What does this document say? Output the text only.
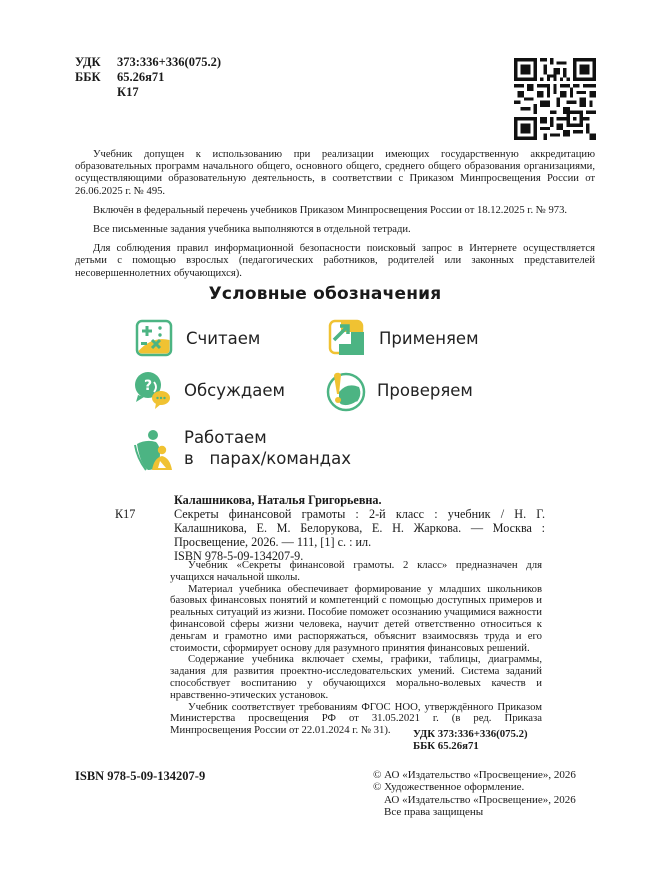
УДК	373:336+336(075.2)
ББК	65.26я71
К17

Учебник допущен к использованию при реализации имеющих государственную аккредитацию образовательных программ начального общего, основного общего, среднего общего образования организациями, осуществляющими образовательную деятельность, в соответствии с Приказом Минпросвещения России от 26.06.2025 г. № 495.

Включён в федеральный перечень учебников Приказом Минпросвещения России от 18.12.2025 г. № 973.

Все письменные задания учебника выполняются в отдельной тетради.

Для соблюдения правил информационной безопасности поисковый запрос в Интернете осуществляется детьми с помощью взрослых (педагогических работников, родителей или законных представителей несовершеннолетних обучающихся).

Условные обозначения
Считаем	Применяем
? Обсуждаем	Проверяем
Работаем
в   парах/командах
Калашникова, Наталья Григорьевна.
К17	Секреты финансовой грамоты : 2-й класс : учебник / Н. Г. Калашникова, Е. М. Белорукова, Е. Н. Жаркова. — Москва : Просвещение, 2026. — 111, [1] с. : ил.
ISBN 978-5-09-134207-9.

Учебник «Секреты финансовой грамоты. 2 класс» предназначен для учащихся начальной школы.

Материал учебника обеспечивает формирование у младших школьников базовых финансовых понятий и компетенций с помощью доступных примеров и реальных ситуаций из жизни. Пособие поможет осознанию учащимися важности финансовой сферы жизни человека, научит детей ответственно относиться к деньгам и грамотно ими распоряжаться, объяснит взаимосвязь труда и его стоимости, сформирует основу для разумного принятия финансовых решений.

Содержание учебника включает схемы, графики, таблицы, диаграммы, задания для развития проектно-исследовательских умений. Система заданий способствует воспитанию у обучающихся морально-волевых качеств и нравственно-этических установок.

Учебник соответствует требованиям ФГОС НОО, утверждённого Приказом Министерства просвещения РФ от 31.05.2021 г. (в ред. Приказа Минпросвещения России от 22.01.2024 г. № 31).	УДК 373:336+336(075.2)
ББК 65.26я71
ISBN 978-5-09-134207-9	© АО «Издательство «Просвещение», 2026
© Художественное оформление.
АО «Издательство «Просвещение», 2026
Все права защищены
